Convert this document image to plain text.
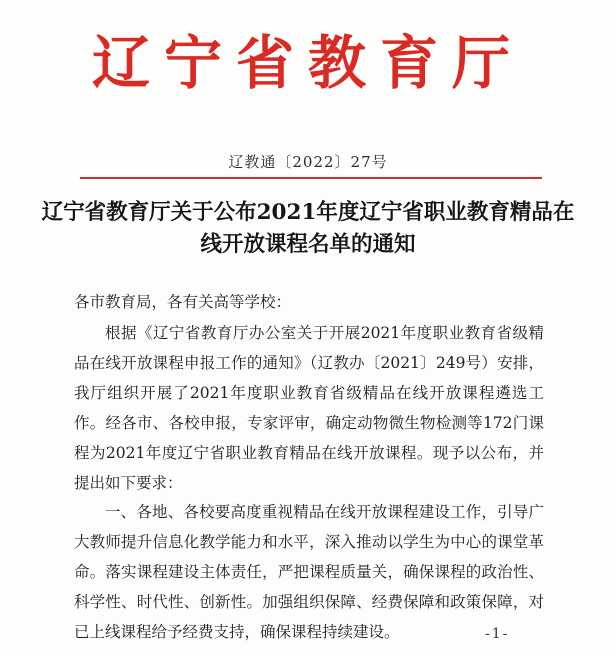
辽宁省教育厅
辽教通〔2022〕27号
辽宁省教育厅关于公布2021年度辽宁省职业教育精品在线开放课程名单的通知
各市教育局，各有关高等学校：
根据《辽宁省教育厅办公室关于开展2021年度职业教育省级精品在线开放课程申报工作的通知》（辽教办〔2021〕249号）安排，我厅组织开展了2021年度职业教育省级精品在线开放课程遴选工作。经各市、各校申报，专家评审，确定动物微生物检测等172门课程为2021年度辽宁省职业教育精品在线开放课程。现予以公布，并提出如下要求：
一、各地、各校要高度重视精品在线开放课程建设工作，引导广大教师提升信息化教学能力和水平，深入推动以学生为中心的课堂革命。落实课程建设主体责任，严把课程质量关，确保课程的政治性、科学性、时代性、创新性。加强组织保障、经费保障和政策保障，对已上线课程给予经费支持，确保课程持续建设。	-1-
